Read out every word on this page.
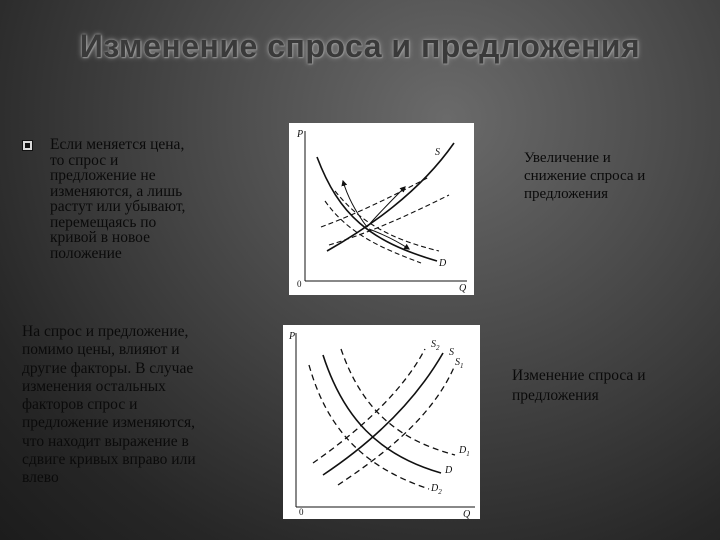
Изменение спроса и предложения
Если меняется цена,
то спрос и
предложение не
изменяются, а лишь
растут или убывают,
перемещаясь по
кривой в новое
положение
На спрос и предложение,
помимо цены, влияют и
другие факторы. В случае
изменения остальных
факторов спрос и
предложение изменяются,
что находит выражение в
сдвиге кривых вправо или
влево
Увеличение и
снижение спроса и
предложения
Изменение спроса и
предложения
P
Q
0
S
D
P
Q
0
$S_2$ S
$S_1$
$D_1$
D
$D_2$
